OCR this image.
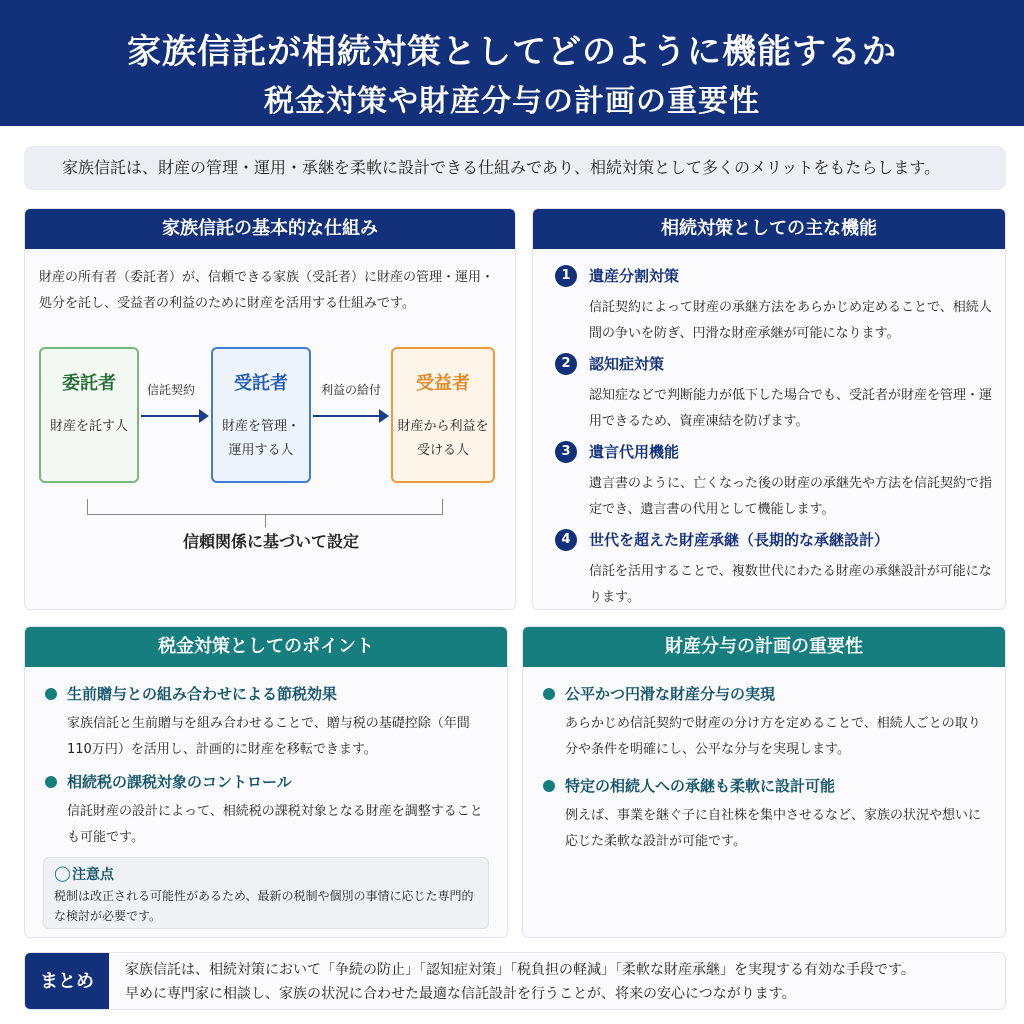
家族信託が相続対策としてどのように機能するか
税金対策や財産分与の計画の重要性
家族信託は、財産の管理・運用・承継を柔軟に設計できる仕組みであり、相続対策として多くのメリットをもたらします。
家族信託の基本的な仕組み
財産の所有者（委託者）が、信頼できる家族（受託者）に財産の管理・運用・処分を託し、受益者の利益のために財産を活用する仕組みです。
委託者
財産を託す人
信託契約	受託者
財産を管理・運用する人
利益の給付	受益者
財産から利益を受ける人
信頼関係に基づいて設定
相続対策としての主な機能
1	遺産分割対策
信託契約によって財産の承継方法をあらかじめ定めることで、相続人間の争いを防ぎ、円滑な財産承継が可能になります。
2	認知症対策
認知症などで判断能力が低下した場合でも、受託者が財産を管理・運用できるため、資産凍結を防げます。
3	遺言代用機能
遺言書のように、亡くなった後の財産の承継先や方法を信託契約で指定でき、遺言書の代用として機能します。
4	世代を超えた財産承継（長期的な承継設計）
信託を活用することで、複数世代にわたる財産の承継設計が可能になります。
税金対策としてのポイント
生前贈与との組み合わせによる節税効果
家族信託と生前贈与を組み合わせることで、贈与税の基礎控除（年間110万円）を活用し、計画的に財産を移転できます。
相続税の課税対象のコントロール
信託財産の設計によって、相続税の課税対象となる財産を調整することも可能です。
◯ 注意点
税制は改正される可能性があるため、最新の税制や個別の事情に応じた専門的な検討が必要です。
財産分与の計画の重要性
公平かつ円滑な財産分与の実現
あらかじめ信託契約で財産の分け方を定めることで、相続人ごとの取り分や条件を明確にし、公平な分与を実現します。
特定の相続人への承継も柔軟に設計可能
例えば、事業を継ぐ子に自社株を集中させるなど、家族の状況や想いに応じた柔軟な設計が可能です。
まとめ
家族信託は、相続対策において「争続の防止」「認知症対策」「税負担の軽減」「柔軟な財産承継」を実現する有効な手段です。
早めに専門家に相談し、家族の状況に合わせた最適な信託設計を行うことが、将来の安心につながります。
